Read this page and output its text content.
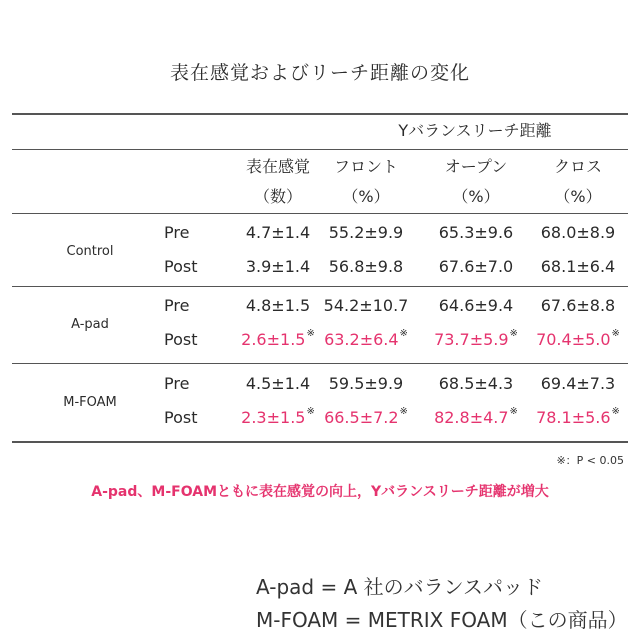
表在感覚およびリーチ距離の変化
Yバランスリーチ距離
表在感覚	フロント	オープン	クロス
（数）	（%）	（%）	（%）
Control
Pre	4.7±1.4	55.2±9.9	65.3±9.6	68.0±8.9
Post	3.9±1.4	56.8±9.8	67.6±7.0	68.1±6.4
A-pad
Pre	4.8±1.5 54.2±10.7	64.6±9.4	67.6±8.8
Post	2.6±1.5※ 63.2±6.4※	73.7±5.9※	70.4±5.0※
M-FOAM
Pre	4.5±1.4	59.5±9.9	68.5±4.3	69.4±7.3
Post	2.3±1.5※ 66.5±7.2※	82.8±4.7※	78.1±5.6※
※：P < 0.05
A-pad、M-FOAMともに表在感覚の向上，Yバランスリーチ距離が増大
A-pad = A 社のバランスパッド
M-FOAM = METRIX FOAM（この商品）
